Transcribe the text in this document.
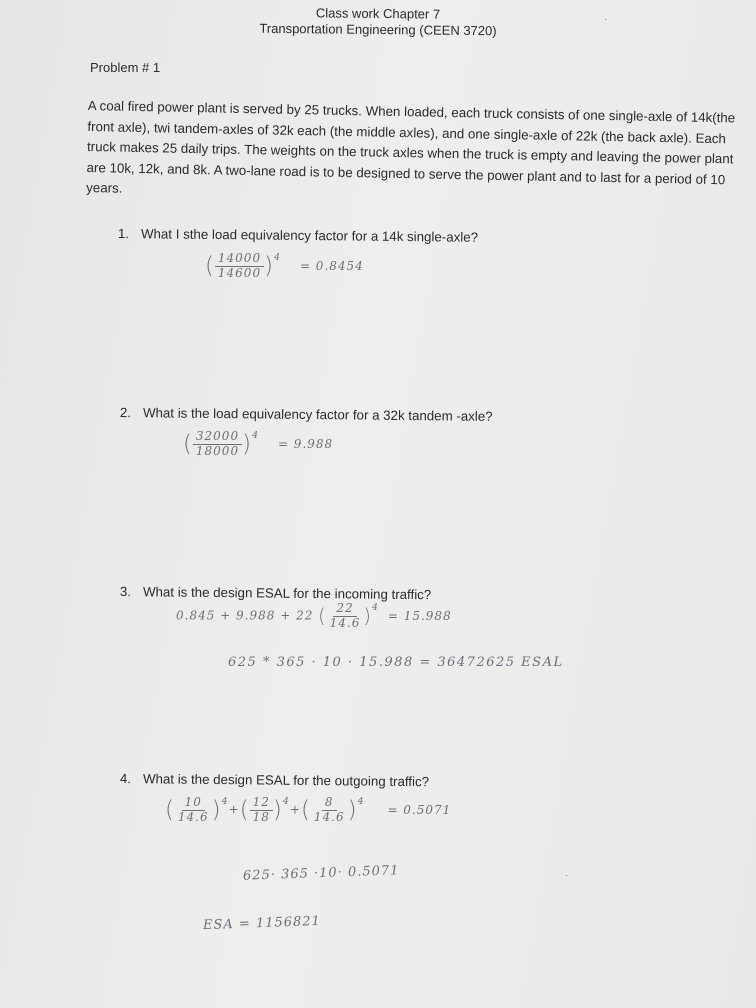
Class work Chapter 7
Transportation Engineering (CEEN 3720)
Problem # 1
A coal fired power plant is served by 25 trucks. When loaded, each truck consists of one single-axle of 14k(the front axle), twi tandem-axles of 32k each (the middle axles), and one single-axle of 22k (the back axle). Each truck makes 25 daily trips. The weights on the truck axles when the truck is empty and leaving the power plant are 10k, 12k, and 8k. A two-lane road is to be designed to serve the power plant and to last for a period of 10 years.
1. What I sthe load equivalency factor for a 14k single-axle?
( $\frac{14000}{14600} )^4 = 0.8454$
2. What is the load equivalency factor for a 32k tandem -axle?
( $\frac{32000}{18000} )^4 = 9.988$
3. What is the design ESAL for the incoming traffic?
0.845 + 9.988 + 22 ( $\frac{22}{14.6} )^4 = 15.988$
625 * 365 · 10 · 15.988 = 36472625 ESAL
4. What is the design ESAL for the outgoing traffic?
( $\frac{10}{14.6} )^4+( \frac{12}{18} )^4+( \frac{8}{14.6} )^4 = 0.5071$
625· 365 ·10· 0.5071
ESA = 1156821
·
·
